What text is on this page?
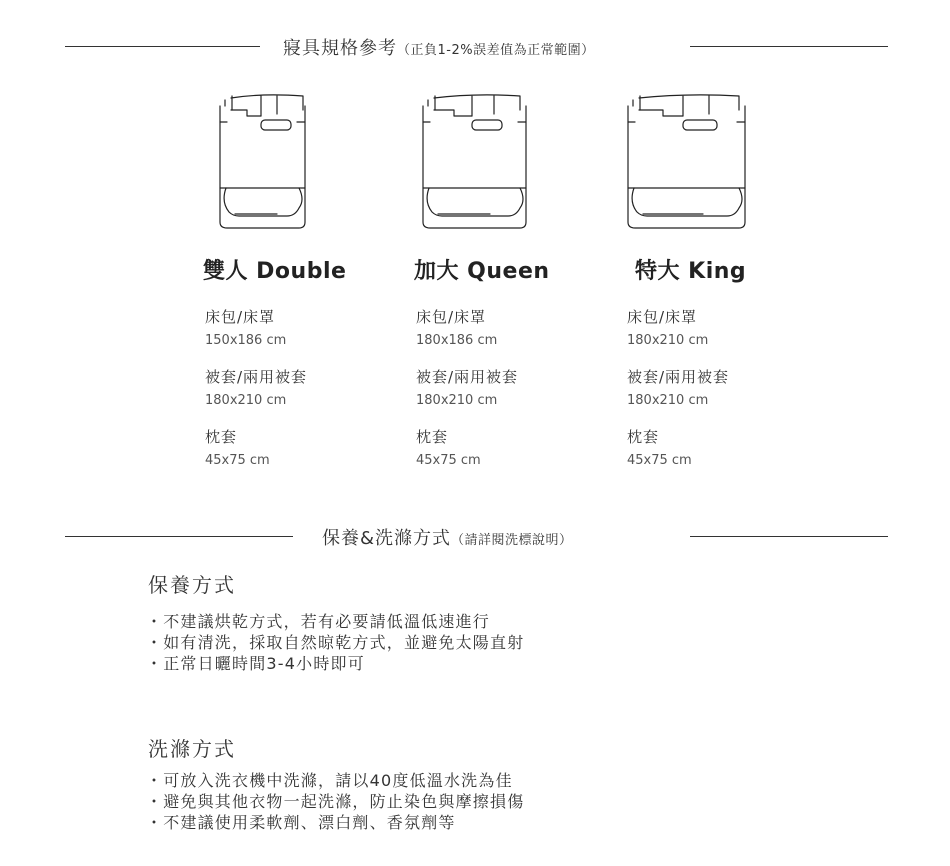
寢具規格參考（正負1-2%誤差值為正常範圍）
雙人 Double
床包/床罩
150x186 cm
被套/兩用被套
180x210 cm
枕套
45x75 cm
加大 Queen
床包/床罩
180x186 cm
被套/兩用被套
180x210 cm
枕套
45x75 cm
特大 King
床包/床罩
180x210 cm
被套/兩用被套
180x210 cm
枕套
45x75 cm
保養&洗滌方式（請詳閱洗標說明）
保養方式
・ 不建議烘乾方式，若有必要請低溫低速進行
・ 如有清洗，採取自然晾乾方式，並避免太陽直射
・ 正常日曬時間3-4小時即可
洗滌方式
・ 可放入洗衣機中洗滌，請以40度低溫水洗為佳
・ 避免與其他衣物一起洗滌，防止染色與摩擦損傷
・ 不建議使用柔軟劑、漂白劑、香氛劑等
